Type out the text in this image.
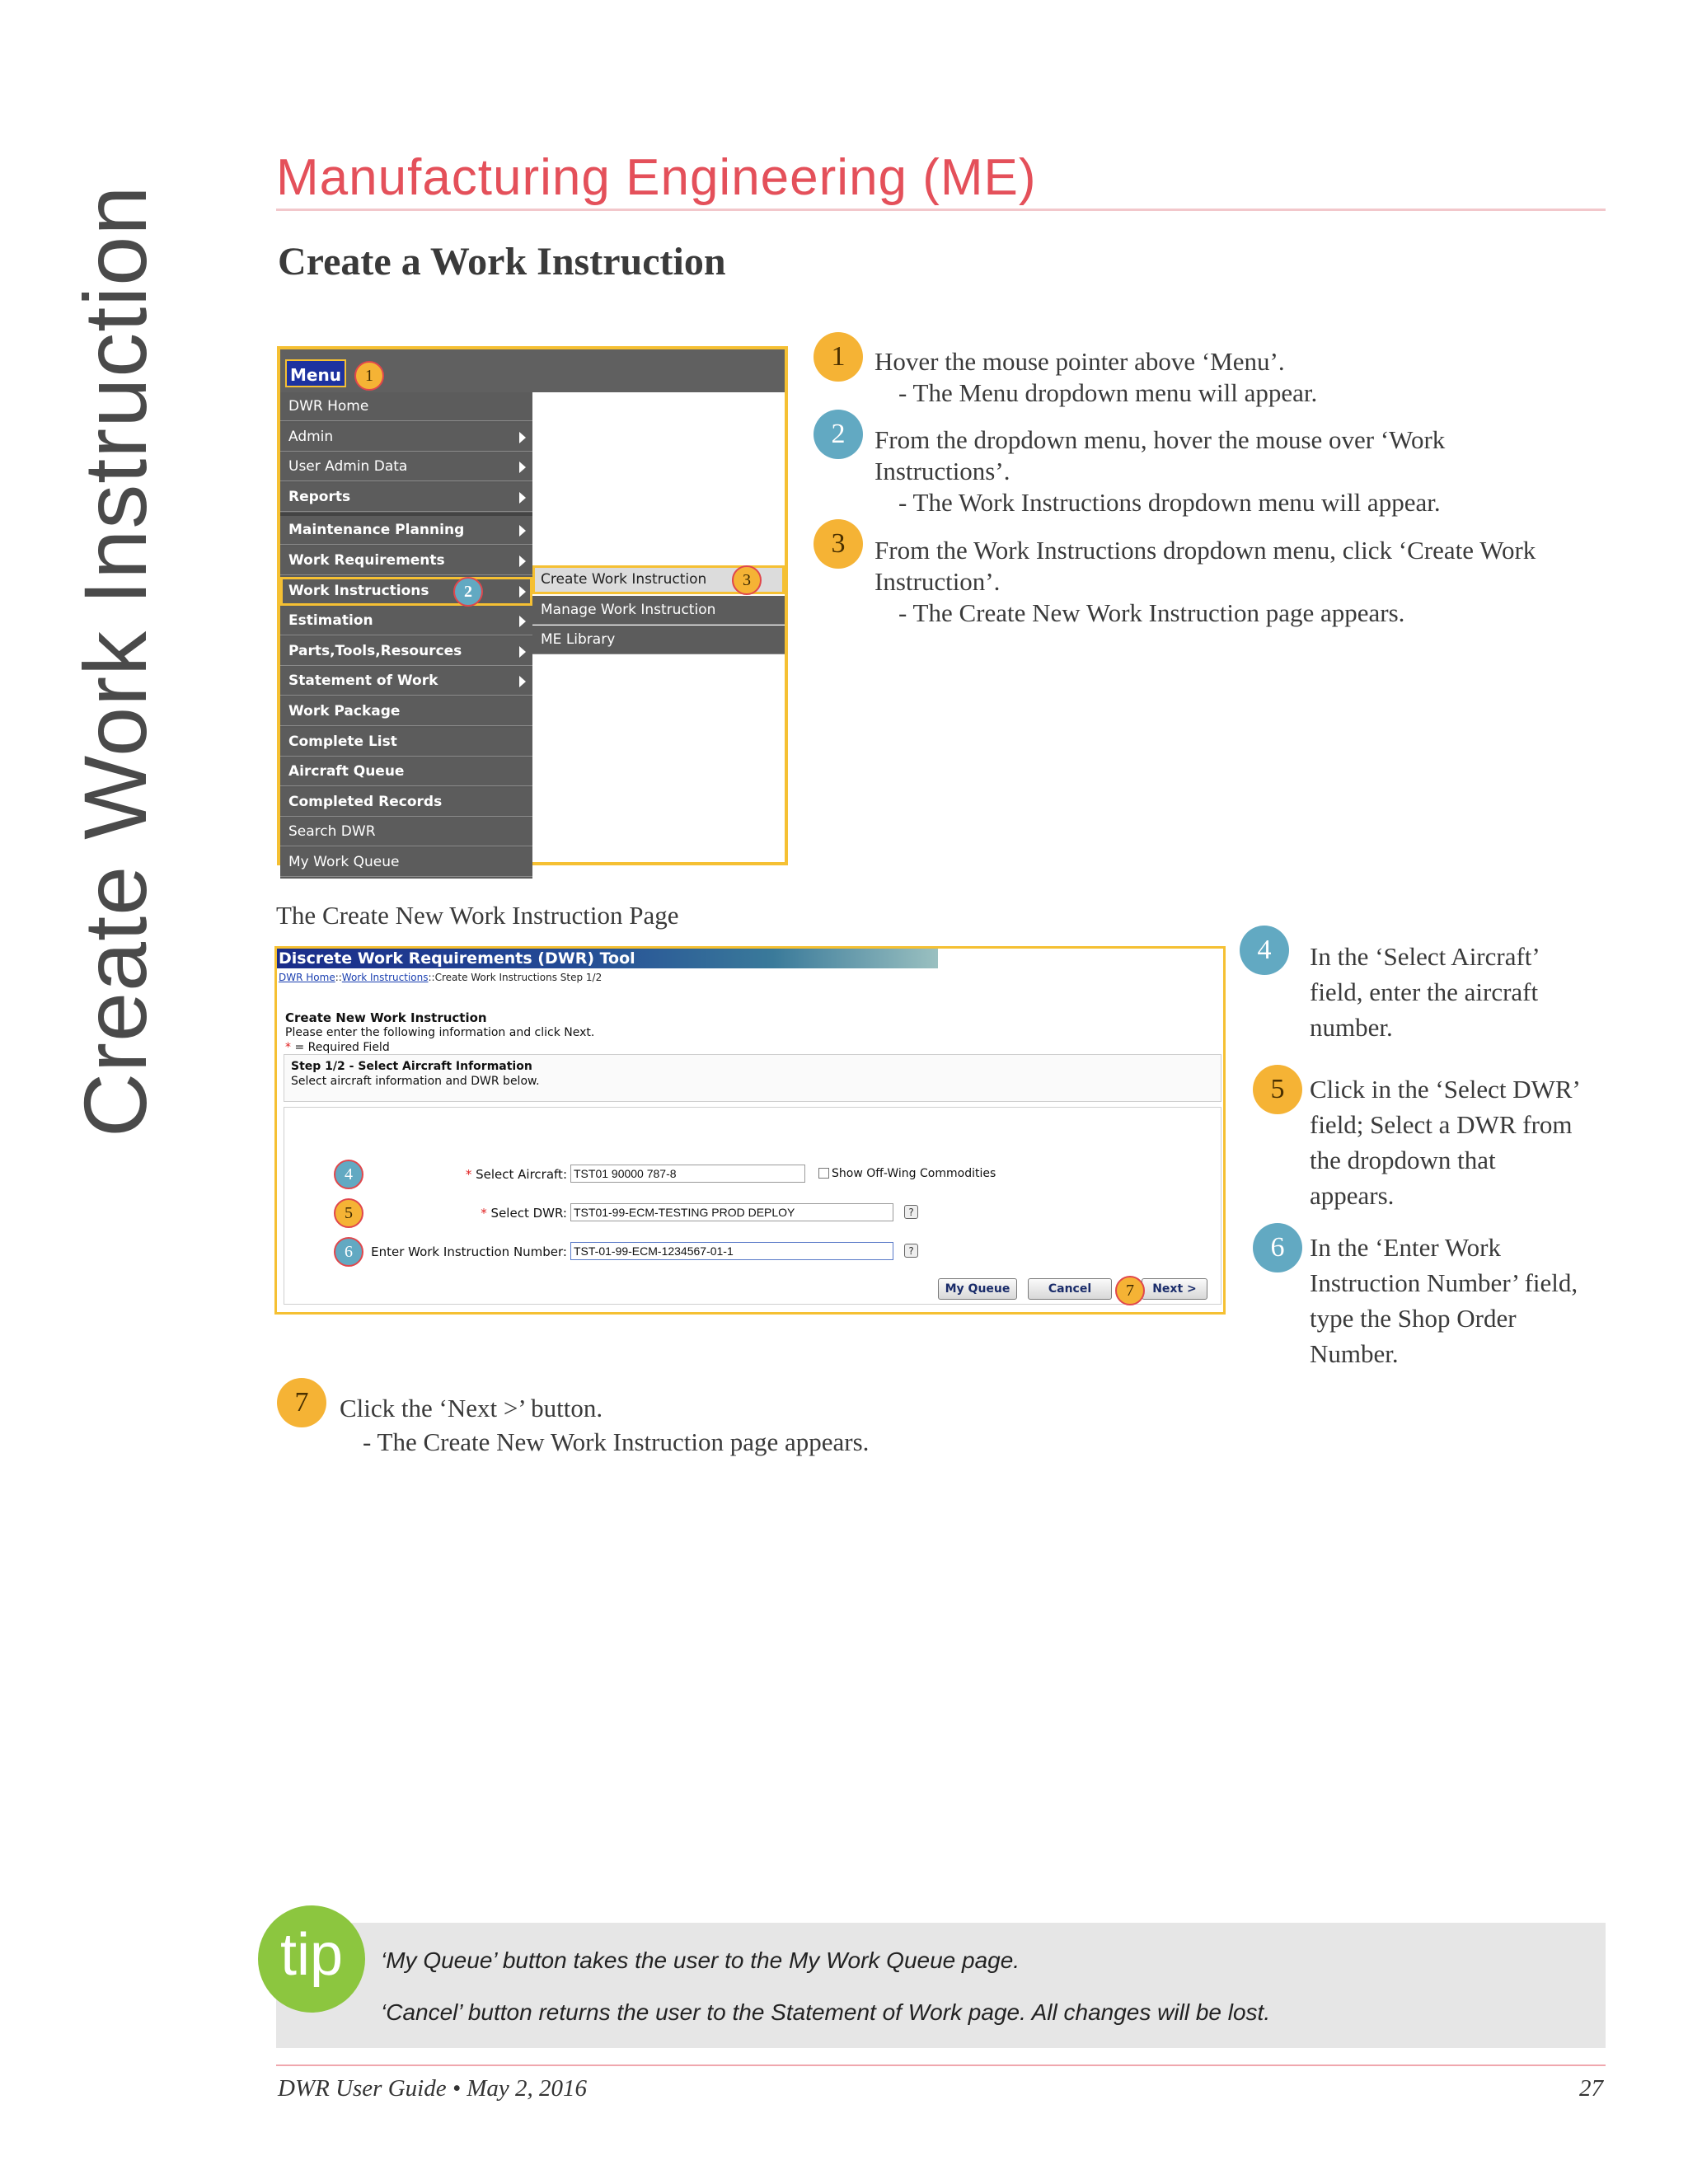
Create Work Instruction
Manufacturing Engineering (ME)
Create a Work Instruction
Menu	1
DWR Home
Admin
User Admin Data
Reports
Maintenance Planning
Work Requirements
Work Instructions	2
Estimation
Parts,Tools,Resources
Statement of Work
Work Package
Complete List
Aircraft Queue
Completed Records
Search DWR
My Work Queue
Create Work Instruction	3
Manage Work Instruction
ME Library
1	Hover the mouse pointer above ‘Menu’.
- The Menu dropdown menu will appear.
2	From the dropdown menu, hover the mouse over ‘Work
Instructions’.
- The Work Instructions dropdown menu will appear.
3	From the Work Instructions dropdown menu, click ‘Create Work
Instruction’.
- The Create New Work Instruction page appears.
The Create New Work Instruction Page
Discrete Work Requirements (DWR) Tool
DWR Home::Work Instructions::Create Work Instructions Step 1/2
Create New Work Instruction
Please enter the following information and click Next.
* = Required Field
Step 1/2 - Select Aircraft Information
Select aircraft information and DWR below.
4	* Select Aircraft: TST01 90000 787-8	Show Off-Wing Commodities
5	* Select DWR: TST01-99-ECM-TESTING PROD DEPLOY	?
6	Enter Work Instruction Number: TST-01-99-ECM-1234567-01-1	?
My Queue	Cancel	Next >
7
4	In the ‘Select Aircraft’
field, enter the aircraft
number.
5 Click in the ‘Select DWR’
field; Select a DWR from
the dropdown that
appears.
6 In the ‘Enter Work
Instruction Number’ field,
type the Shop Order
Number.
7	Click the ‘Next >’ button.
- The Create New Work Instruction page appears.
tip	‘My Queue’ button takes the user to the My Work Queue page.
‘Cancel’ button returns the user to the Statement of Work page. All changes will be lost.
DWR User Guide • May 2, 2016	27
